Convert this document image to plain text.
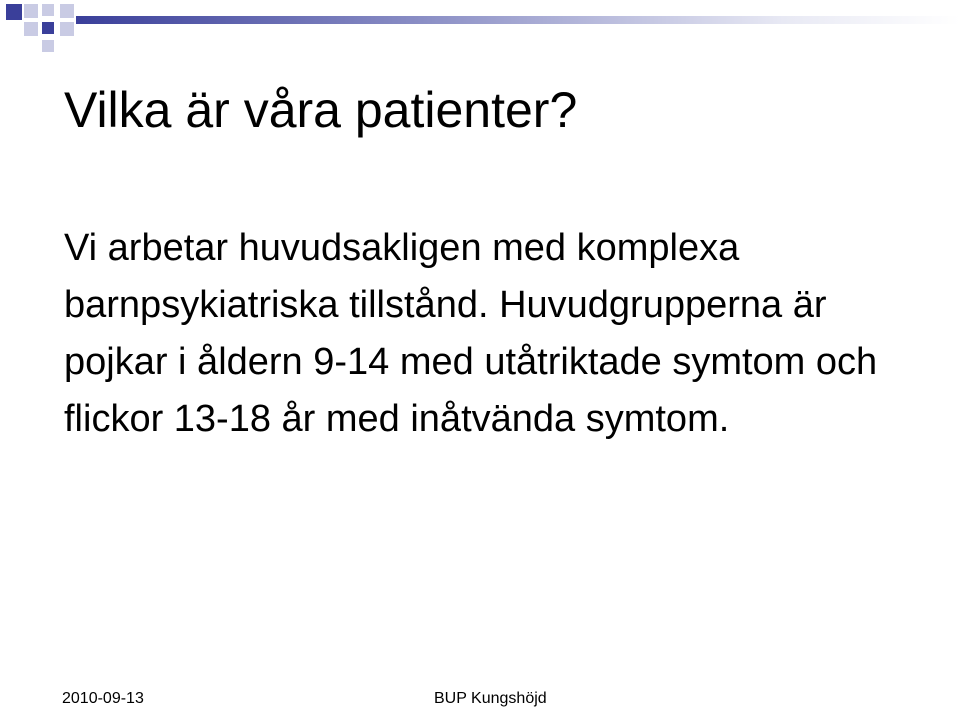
Vilka är våra patienter?

Vi arbetar huvudsakligen med komplexa barnpsykiatriska tillstånd. Huvudgrupperna är pojkar i åldern 9-14 med utåtriktade symtom och flickor 13-18 år med inåtvända symtom.

2010-09-13	BUP Kungshöjd
